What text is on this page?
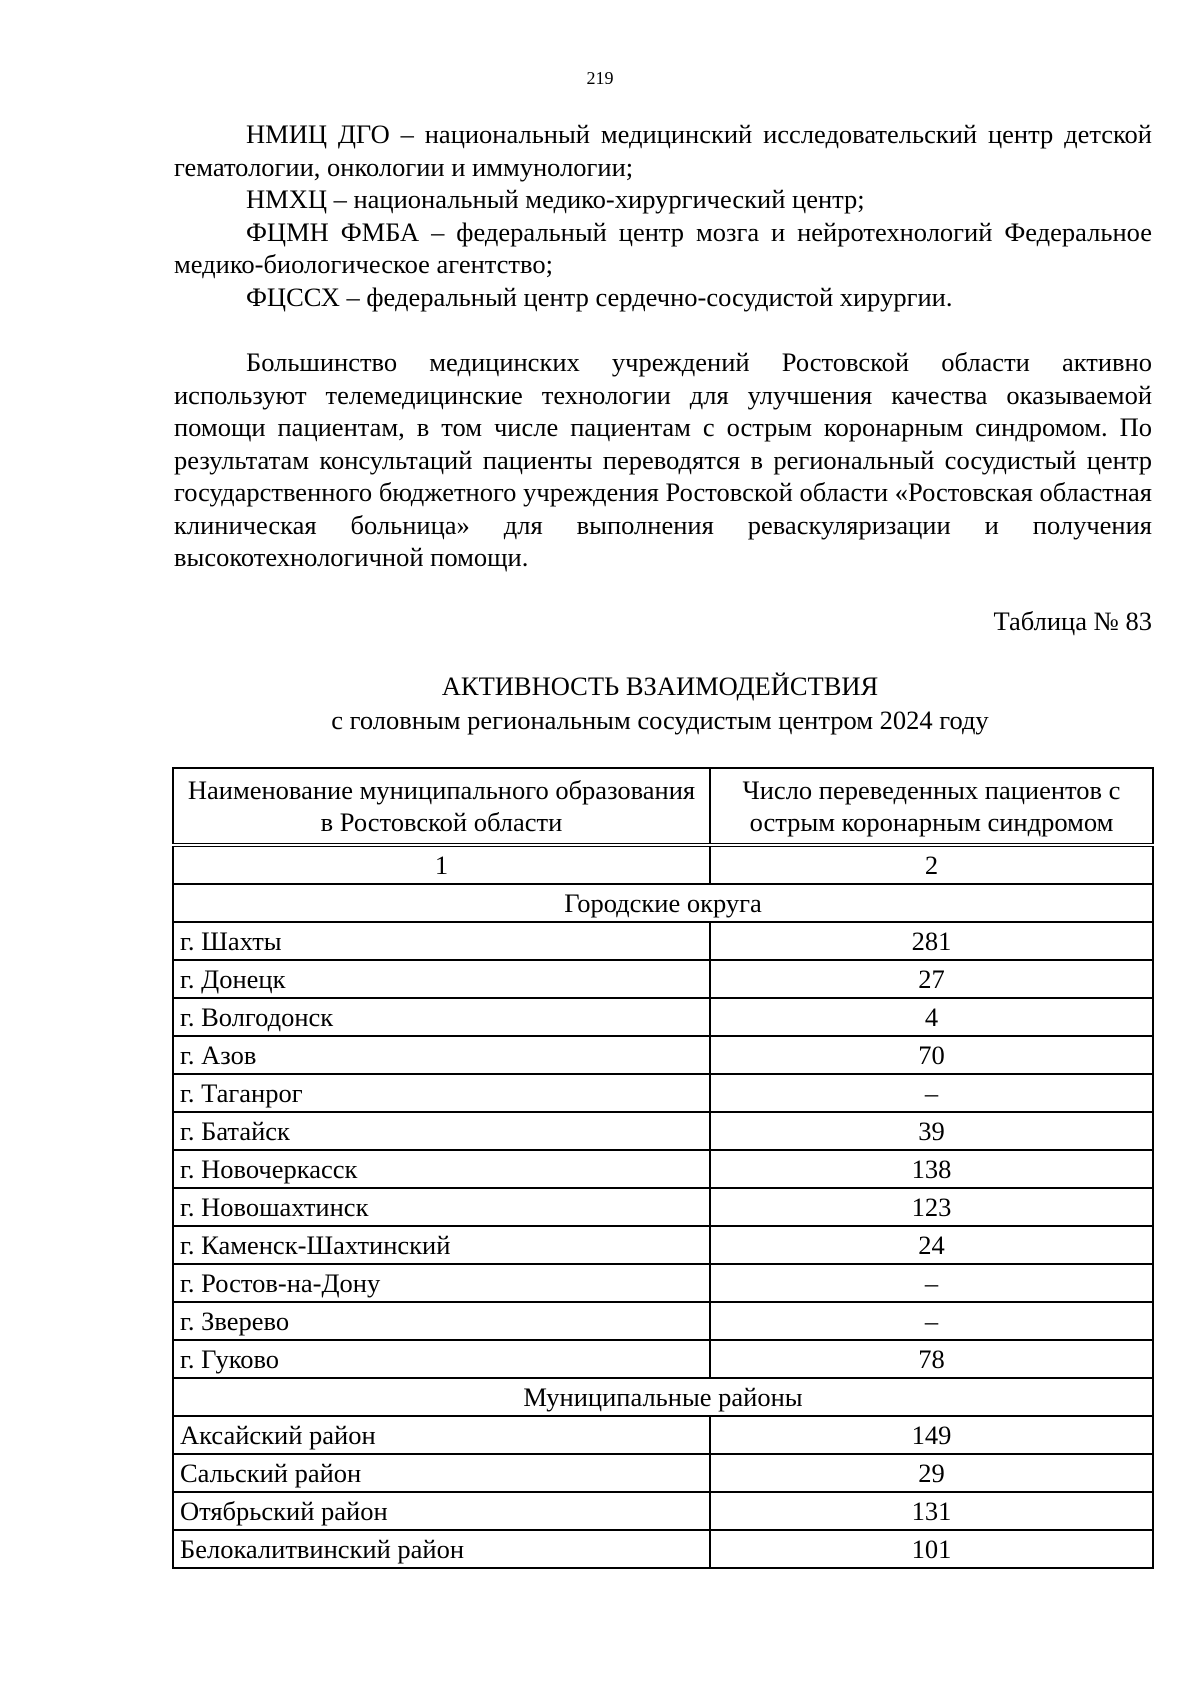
219

НМИЦ ДГО – национальный медицинский исследовательский центр детской гематологии, онкологии и иммунологии;

НМХЦ – национальный медико-хирургический центр;

ФЦМН ФМБА – федеральный центр мозга и нейротехнологий Федеральное медико-биологическое агентство;

ФЦССХ – федеральный центр сердечно-сосудистой хирургии.

Большинство медицинских учреждений Ростовской области активно используют телемедицинские технологии для улучшения качества оказываемой помощи пациентам, в том числе пациентам с острым коронарным синдромом. По результатам консультаций пациенты переводятся в региональный сосудистый центр государственного бюджетного учреждения Ростовской области «Ростовская областная клиническая больница» для выполнения реваскуляризации и получения высокотехнологичной помощи.

Таблица № 83
АКТИВНОСТЬ ВЗАИМОДЕЙСТВИЯ
с головным региональным сосудистым центром 2024 году
Наименование муниципального образования в Ростовской области	Число переведенных пациентов с острым коронарным синдромом
1	2
Городские округа	
г. Шахты	281
г. Донецк	27
г. Волгодонск	4
г. Азов	70
г. Таганрог	–
г. Батайск	39
г. Новочеркасск	138
г. Новошахтинск	123
г. Каменск-Шахтинский	24
г. Ростов-на-Дону	–
г. Зверево	–
г. Гуково	78
Муниципальные районы	
Аксайский район	149
Сальский район	29
Отябрьский район	131
Белокалитвинский район	101
